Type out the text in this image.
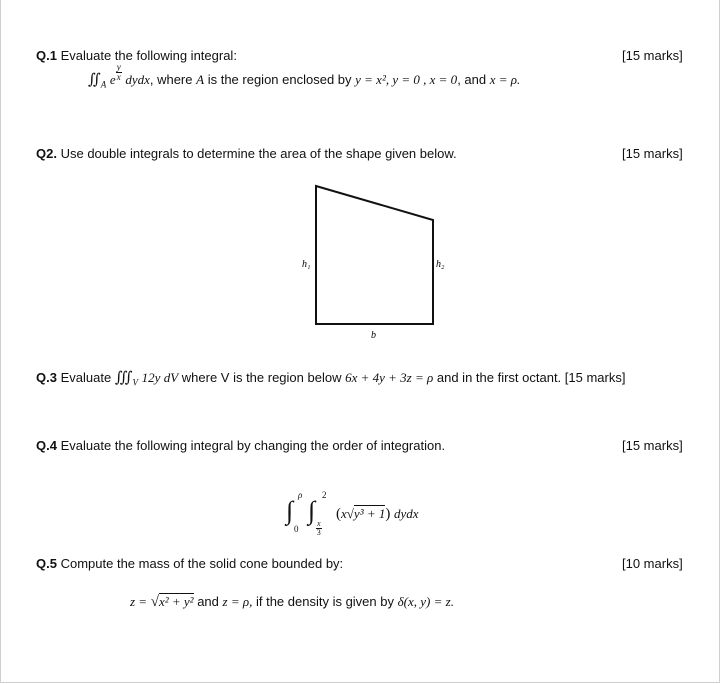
Q.1 Evaluate the following integral:	[15 marks]
$∬_A$ e $\frac{y}{x}$ dydx, where A is the region enclosed by y = x², y = 0 , x = 0, and x = ρ.
Q2. Use double integrals to determine the area of the shape given below.	[15 marks]
h₁	h₂
b
Q.3 Evaluate $∭_V$ 12y dV where V is the region below 6x + 4y + 3z = ρ and in the first octant. [15 marks]
Q.4 Evaluate the following integral by changing the order of integration.	[15 marks]
∫
ρ
0
∫
2
$\frac{x}{3}$
(x√y³ + 1) dydx
Q.5 Compute the mass of the solid cone bounded by:	[10 marks]
z = √x² + y² and z = ρ, if the density is given by δ(x, y) = z.
